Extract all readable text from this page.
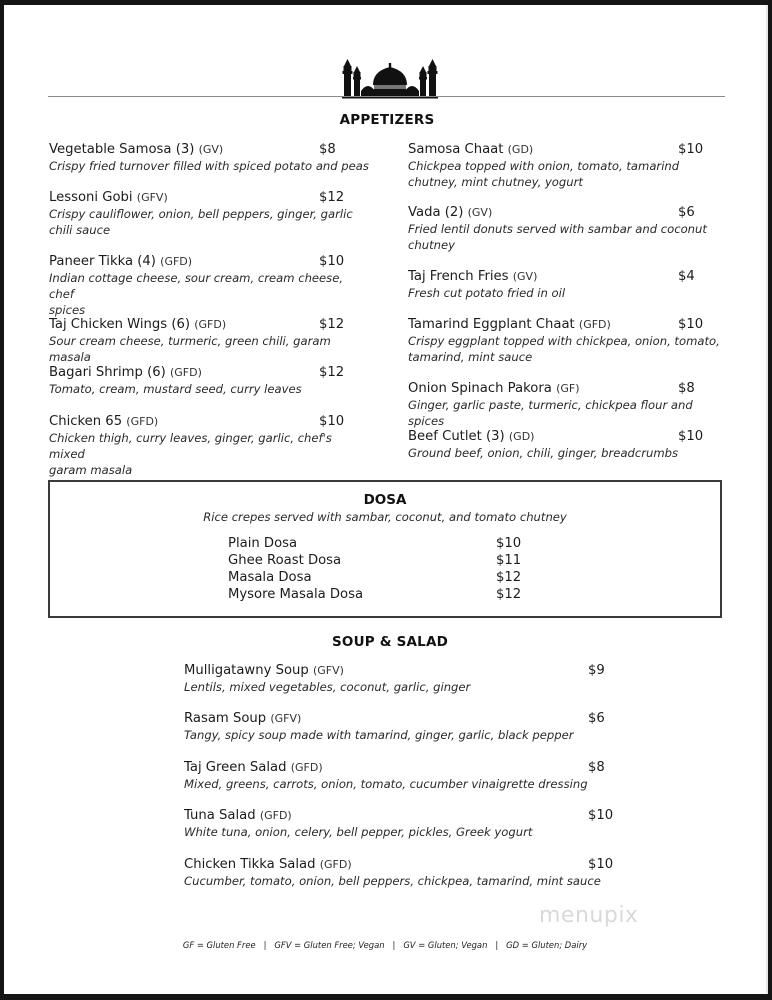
APPETIZERS
Vegetable Samosa (3) (GV)	$8
Crispy fried turnover filled with spiced potato and peas
Lessoni Gobi (GFV)	$12
Crispy cauliflower, onion, bell peppers, ginger, garlic
chili sauce
Paneer Tikka (4) (GFD)	$10
Indian cottage cheese, sour cream, cream cheese, chef
spices
Taj Chicken Wings (6) (GFD)	$12
Sour cream cheese, turmeric, green chili, garam masala
Bagari Shrimp (6) (GFD)	$12
Tomato, cream, mustard seed, curry leaves
Chicken 65 (GFD)	$10
Chicken thigh, curry leaves, ginger, garlic, chef's mixed
garam masala
Samosa Chaat (GD)	$10
Chickpea topped with onion, tomato, tamarind
chutney, mint chutney, yogurt
Vada (2) (GV)	$6
Fried lentil donuts served with sambar and coconut
chutney
Taj French Fries (GV)	$4
Fresh cut potato fried in oil
Tamarind Eggplant Chaat (GFD)	$10
Crispy eggplant topped with chickpea, onion, tomato,
tamarind, mint sauce
Onion Spinach Pakora (GF)	$8
Ginger, garlic paste, turmeric, chickpea flour and spices
Beef Cutlet (3) (GD)	$10
Ground beef, onion, chili, ginger, breadcrumbs
DOSA
Rice crepes served with sambar, coconut, and tomato chutney
Plain Dosa	$10
Ghee Roast Dosa	$11
Masala Dosa	$12
Mysore Masala Dosa	$12
SOUP & SALAD
Mulligatawny Soup (GFV)	$9
Lentils, mixed vegetables, coconut, garlic, ginger
Rasam Soup (GFV)	$6
Tangy, spicy soup made with tamarind, ginger, garlic, black pepper
Taj Green Salad (GFD)	$8
Mixed, greens, carrots, onion, tomato, cucumber vinaigrette dressing
Tuna Salad (GFD)	$10
White tuna, onion, celery, bell pepper, pickles, Greek yogurt
Chicken Tikka Salad (GFD)	$10
Cucumber, tomato, onion, bell peppers, chickpea, tamarind, mint sauce
menupix
GF = Gluten Free   |   GFV = Gluten Free; Vegan   |   GV = Gluten; Vegan   |   GD = Gluten; Dairy
